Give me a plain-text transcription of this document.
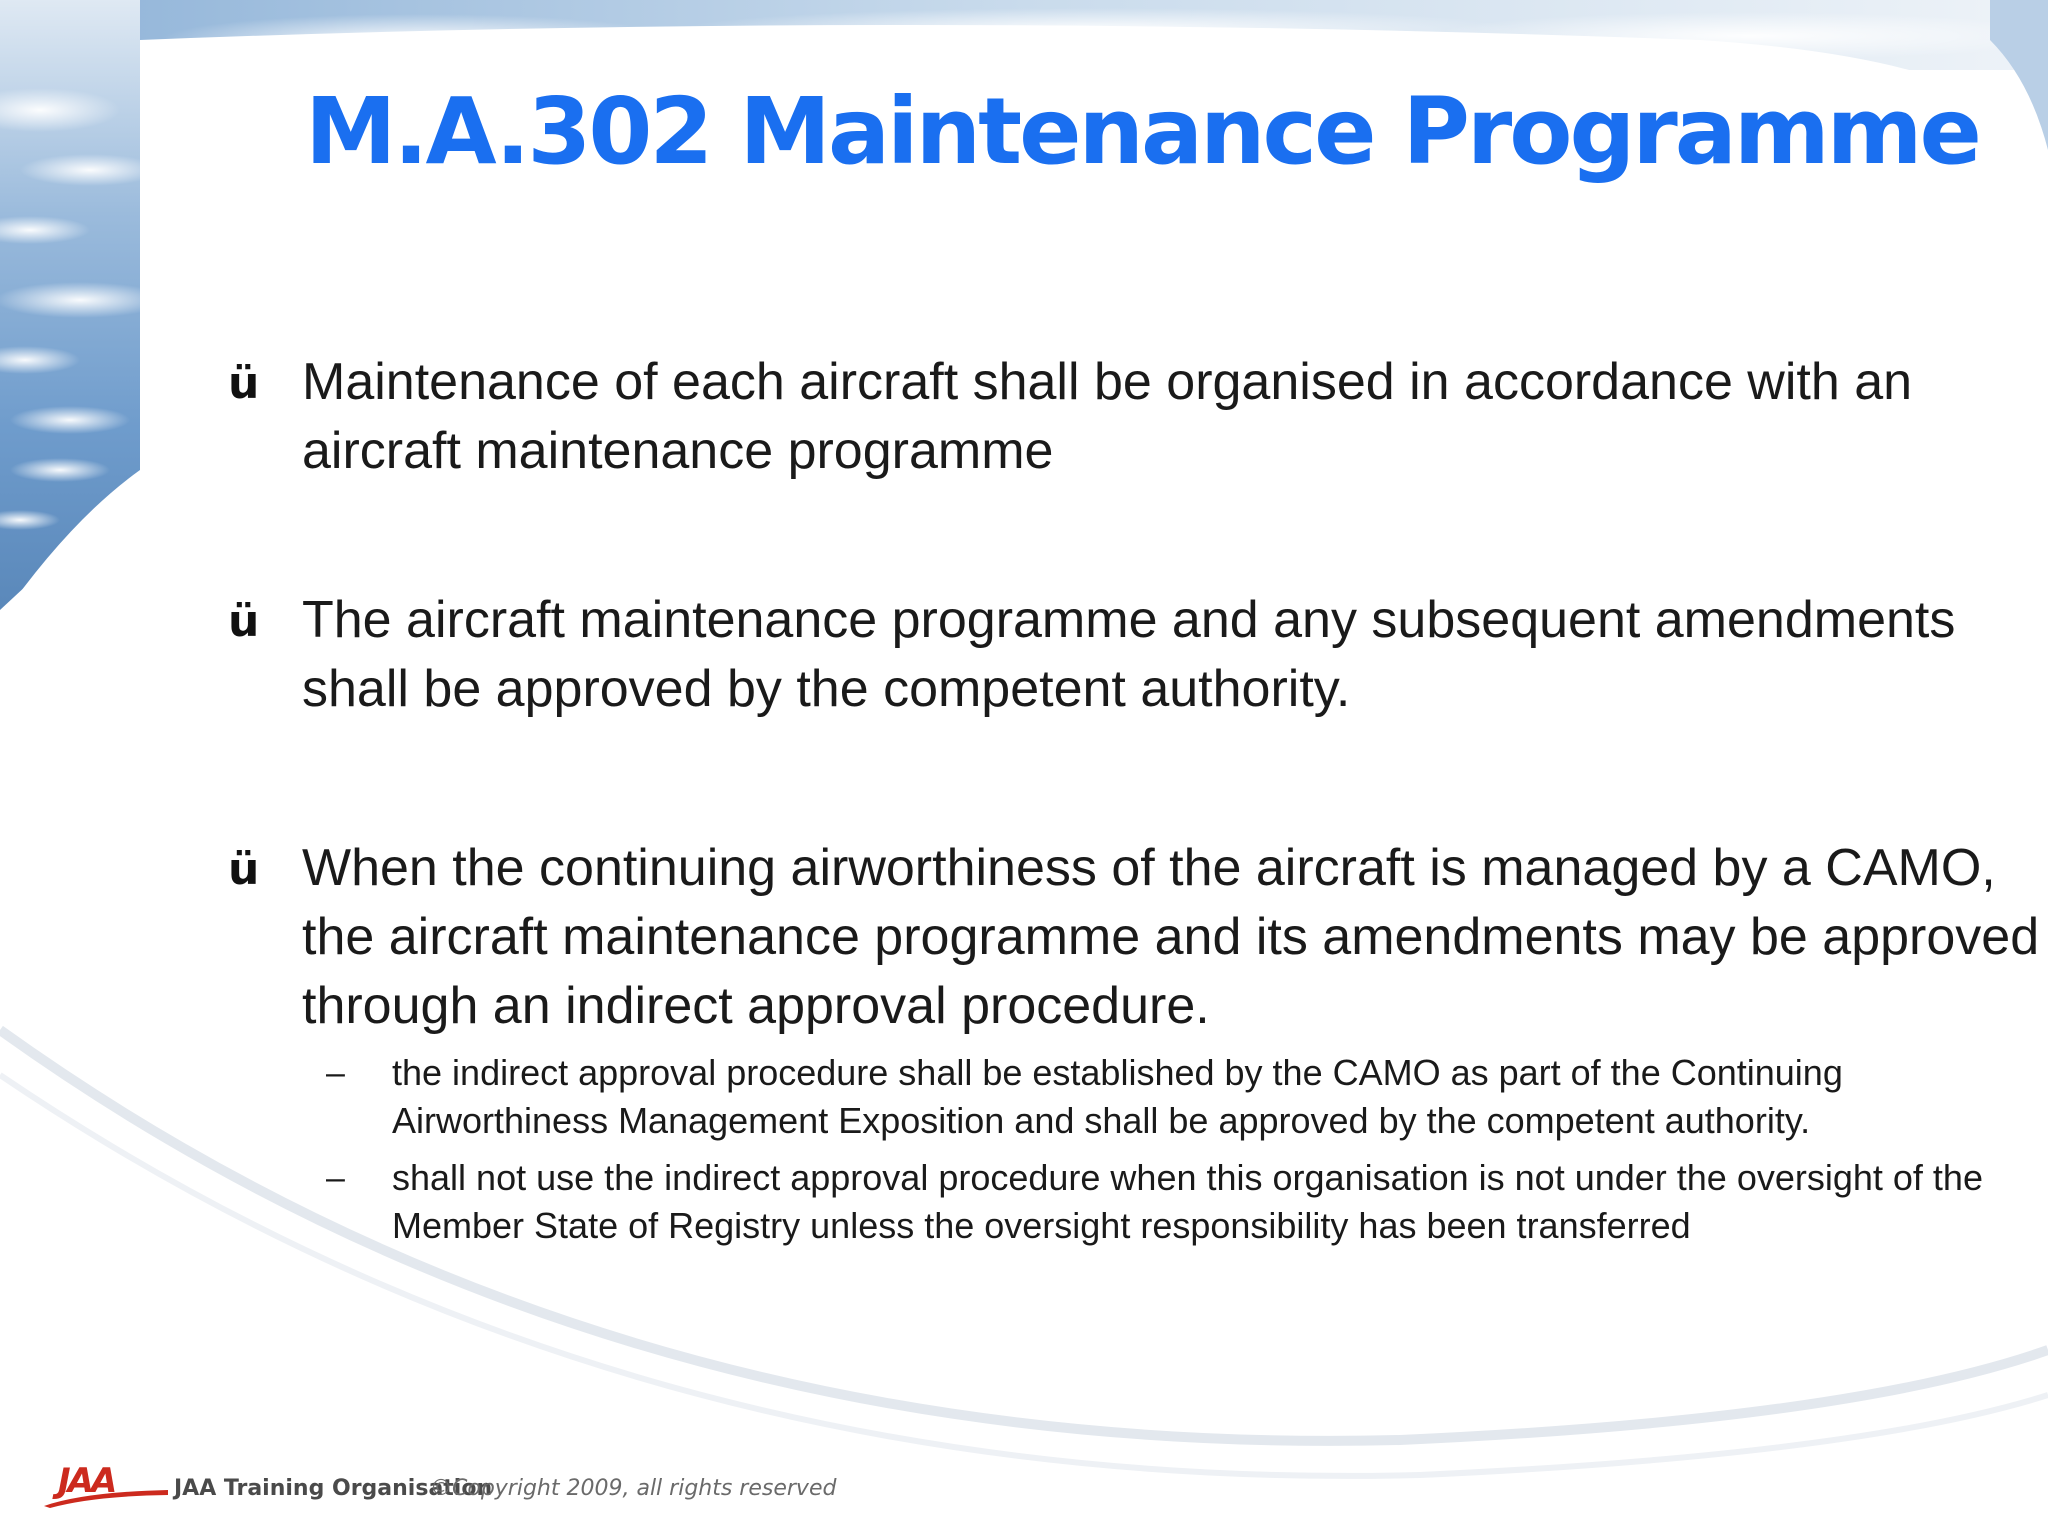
M.A.302 Maintenance Programme
ü Maintenance of each aircraft shall be organised in accordance with an aircraft maintenance programme
ü The aircraft maintenance programme and any subsequent amendments shall be approved by the competent authority.
ü When the continuing airworthiness of the aircraft is managed by a CAMO, the aircraft maintenance programme and its amendments may be approved through an indirect approval procedure.
– the indirect approval procedure shall be established by the CAMO as part of the Continuing Airworthiness Management Exposition and shall be approved by the competent authority.
– shall not use the indirect approval procedure when this organisation is not under the oversight of the Member State of Registry unless the oversight responsibility has been transferred
JAA	JAA Training Organisation
©Copyright 2009, all rights reserved
